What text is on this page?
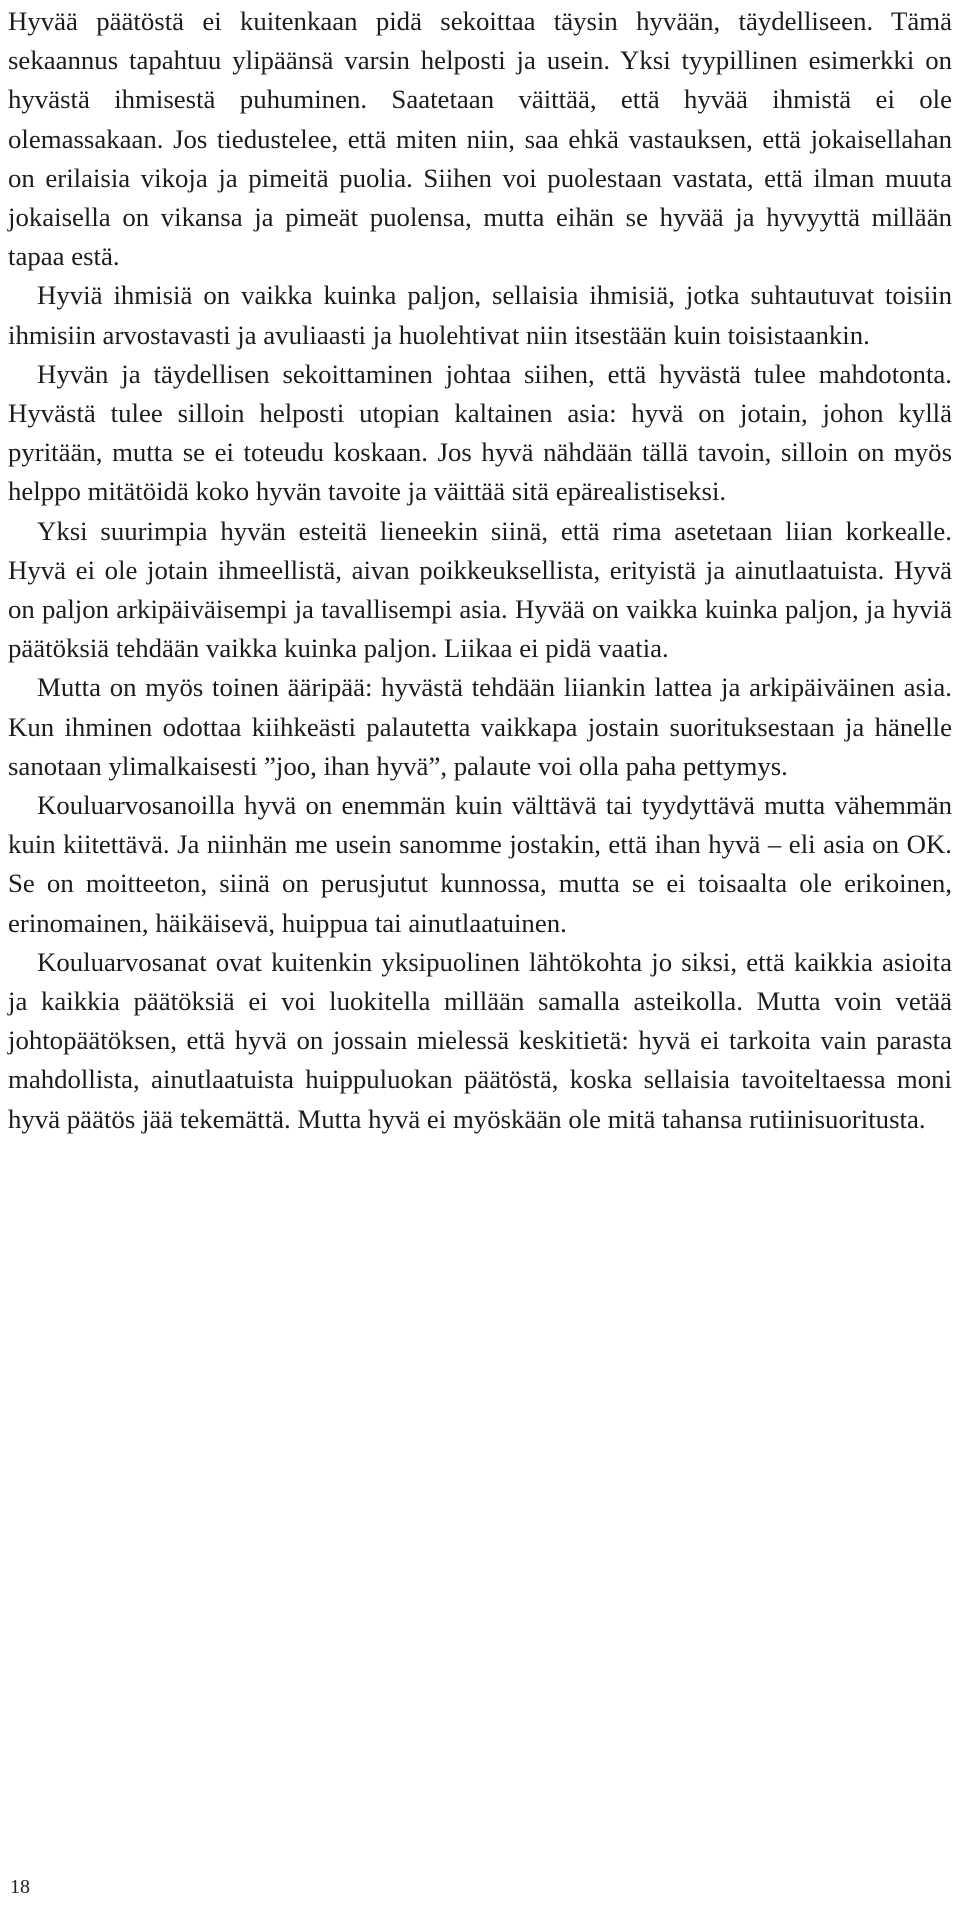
Hyvää päätöstä ei kuitenkaan pidä sekoittaa täysin hyvään, täydelliseen. Tämä sekaannus tapahtuu ylipäänsä varsin helposti ja usein. Yksi tyypillinen esimerkki on hyvästä ihmisestä puhuminen. Saatetaan väittää, että hyvää ihmistä ei ole olemassakaan. Jos tiedustelee, että miten niin, saa ehkä vastauksen, että jokaisellahan on erilaisia vikoja ja pimeitä puolia. Siihen voi puolestaan vastata, että ilman muuta jokaisella on vikansa ja pimeät puolensa, mutta eihän se hyvää ja hyvyyttä millään tapaa estä.

Hyviä ihmisiä on vaikka kuinka paljon, sellaisia ihmisiä, jotka suhtautuvat toisiin ihmisiin arvostavasti ja avuliaasti ja huolehtivat niin itsestään kuin toisistaankin.

Hyvän ja täydellisen sekoittaminen johtaa siihen, että hyvästä tulee mahdotonta. Hyvästä tulee silloin helposti utopian kaltainen asia: hyvä on jotain, johon kyllä pyritään, mutta se ei toteudu koskaan. Jos hyvä nähdään tällä tavoin, silloin on myös helppo mitätöidä koko hyvän tavoite ja väittää sitä epärealistiseksi.

Yksi suurimpia hyvän esteitä lieneekin siinä, että rima asetetaan liian korkealle. Hyvä ei ole jotain ihmeellistä, aivan poikkeuksellista, erityistä ja ainutlaatuista. Hyvä on paljon arkipäiväisempi ja tavallisempi asia. Hyvää on vaikka kuinka paljon, ja hyviä päätöksiä tehdään vaikka kuinka paljon. Liikaa ei pidä vaatia.

Mutta on myös toinen ääripää: hyvästä tehdään liiankin lattea ja arkipäiväinen asia. Kun ihminen odottaa kiihkeästi palautetta vaikkapa jostain suorituksestaan ja hänelle sanotaan ylimalkaisesti ”joo, ihan hyvä”, palaute voi olla paha pettymys.

Kouluarvosanoilla hyvä on enemmän kuin välttävä tai tyydyttävä mutta vähemmän kuin kiitettävä. Ja niinhän me usein sanomme jostakin, että ihan hyvä – eli asia on OK. Se on moitteeton, siinä on perusjutut kunnossa, mutta se ei toisaalta ole erikoinen, erinomainen, häikäisevä, huippua tai ainutlaatuinen.

Kouluarvosanat ovat kuitenkin yksipuolinen lähtökohta jo siksi, että kaikkia asioita ja kaikkia päätöksiä ei voi luokitella millään samalla asteikolla. Mutta voin vetää johtopäätöksen, että hyvä on jossain mielessä keskitietä: hyvä ei tarkoita vain parasta mahdollista, ainutlaatuista huippuluokan päätöstä, koska sellaisia tavoiteltaessa moni hyvä päätös jää tekemättä. Mutta hyvä ei myöskään ole mitä tahansa rutiinisuoritusta.

18
